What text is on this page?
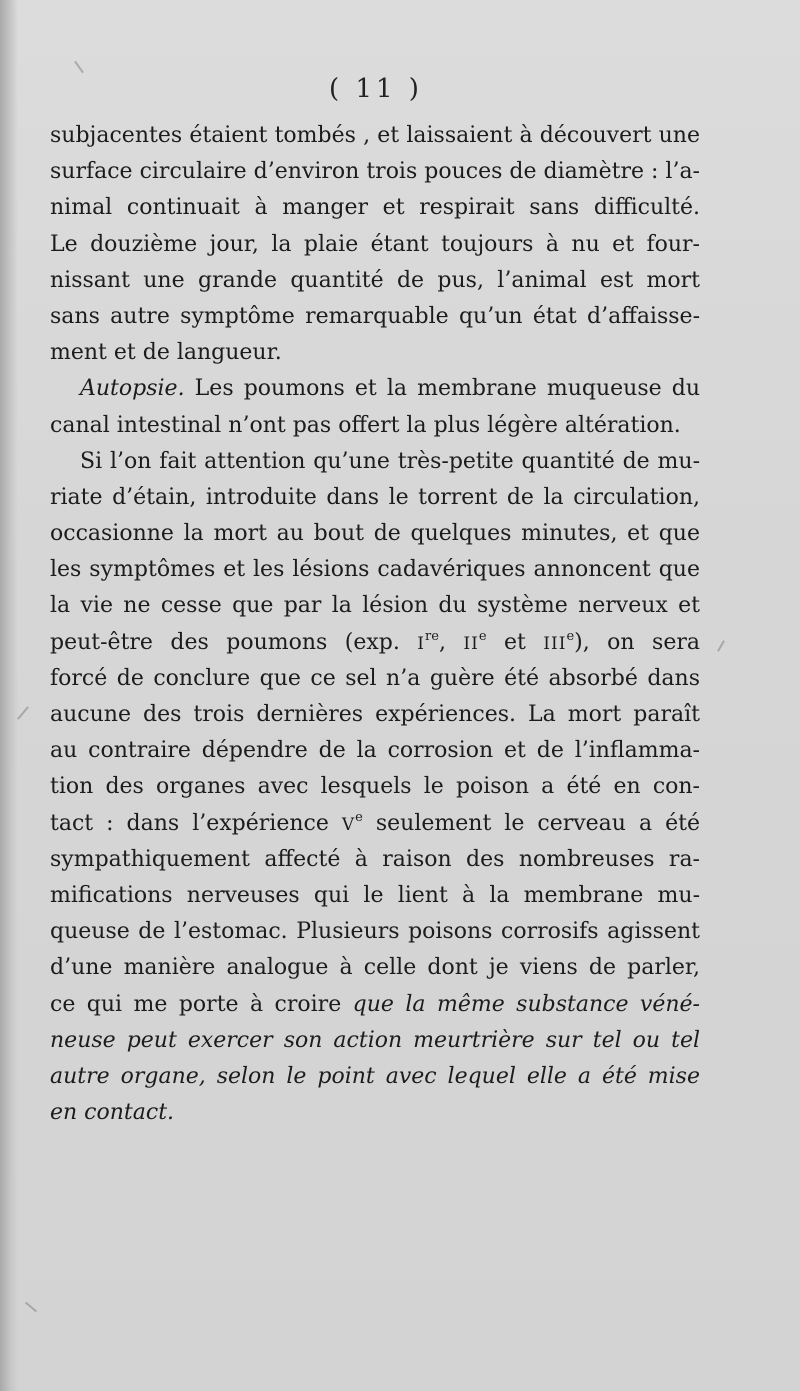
( 11 )
subjacentes étaient tombés , et laissaient à découvert une
surface circulaire d’environ trois pouces de diamètre : l’a-
nimal continuait à manger et respirait sans difficulté.
Le douzième jour, la plaie étant toujours à nu et four-
nissant une grande quantité de pus, l’animal est mort
sans autre symptôme remarquable qu’un état d’affaisse-
ment et de langueur.
Autopsie. Les poumons et la membrane muqueuse du
canal intestinal n’ont pas offert la plus légère altération.
Si l’on fait attention qu’une très-petite quantité de mu-
riate d’étain, introduite dans le torrent de la circulation,
occasionne la mort au bout de quelques minutes, et que
les symptômes et les lésions cadavériques annoncent que
la vie ne cesse que par la lésion du système nerveux et
peut-être des poumons (exp. Ire, IIe et IIIe), on sera
forcé de conclure que ce sel n’a guère été absorbé dans
aucune des trois dernières expériences. La mort paraît
au contraire dépendre de la corrosion et de l’inflamma-
tion des organes avec lesquels le poison a été en con-
tact : dans l’expérience Ve seulement le cerveau a été
sympathiquement affecté à raison des nombreuses ra-
mifications nerveuses qui le lient à la membrane mu-
queuse de l’estomac. Plusieurs poisons corrosifs agissent
d’une manière analogue à celle dont je viens de parler,
ce qui me porte à croire que la même substance véné-
neuse peut exercer son action meurtrière sur tel ou tel
autre organe, selon le point avec lequel elle a été mise
en contact.
